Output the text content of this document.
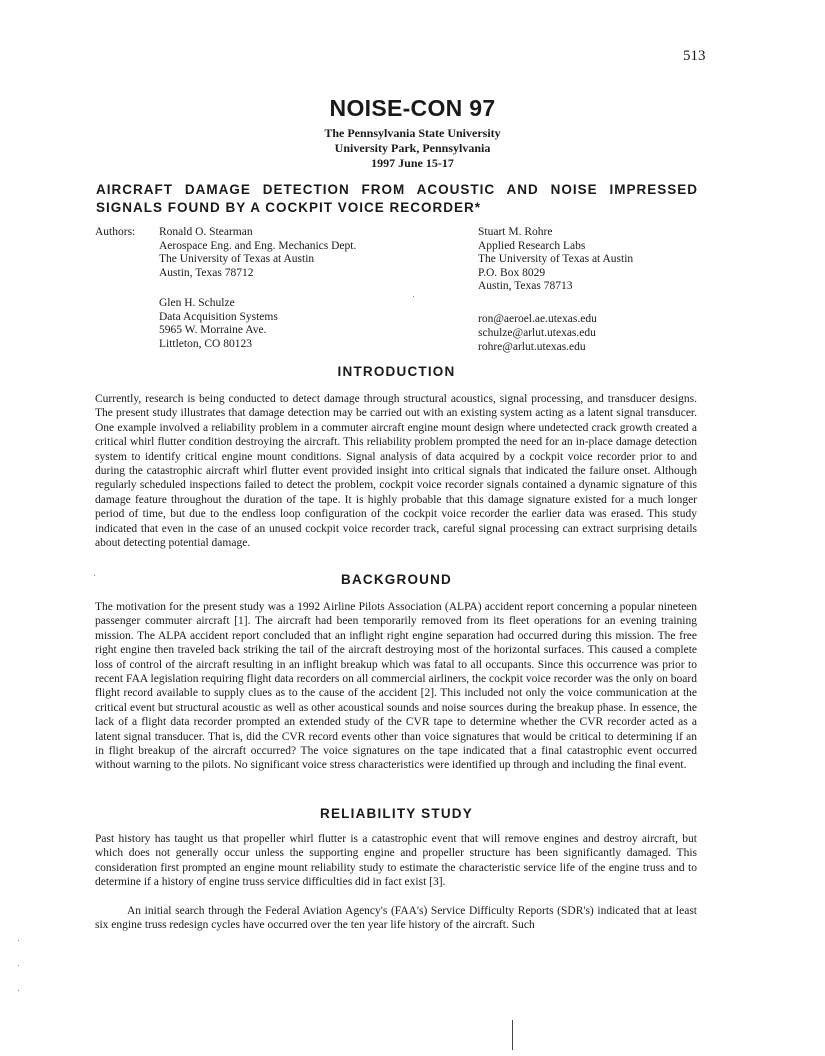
513
NOISE-CON 97
The Pennsylvania State University
University Park, Pennsylvania
1997 June 15-17
AIRCRAFT DAMAGE DETECTION FROM ACOUSTIC AND NOISE IMPRESSED SIGNALS FOUND BY A COCKPIT VOICE RECORDER*
Authors: Ronald O. Stearman
Aerospace Eng. and Eng. Mechanics Dept.
The University of Texas at Austin
Austin, Texas 78712
Stuart M. Rohre
Applied Research Labs
The University of Texas at Austin
P.O. Box 8029
Austin, Texas 78713
Glen H. Schulze
Data Acquisition Systems
5965 W. Morraine Ave.
Littleton, CO 80123
ron@aeroel.ae.utexas.edu
schulze@arlut.utexas.edu
rohre@arlut.utexas.edu
INTRODUCTION

Currently, research is being conducted to detect damage through structural acoustics, signal processing, and transducer designs. The present study illustrates that damage detection may be carried out with an existing system acting as a latent signal transducer. One example involved a reliability problem in a commuter aircraft engine mount design where undetected crack growth created a critical whirl flutter condition destroying the aircraft. This reliability problem prompted the need for an in-place damage detection system to identify critical engine mount conditions. Signal analysis of data acquired by a cockpit voice recorder prior to and during the catastrophic aircraft whirl flutter event provided insight into critical signals that indicated the failure onset. Although regularly scheduled inspections failed to detect the problem, cockpit voice recorder signals contained a dynamic signature of this damage feature throughout the duration of the tape. It is highly probable that this damage signature existed for a much longer period of time, but due to the endless loop configuration of the cockpit voice recorder the earlier data was erased. This study indicated that even in the case of an unused cockpit voice recorder track, careful signal processing can extract surprising details about detecting potential damage.

BACKGROUND

The motivation for the present study was a 1992 Airline Pilots Association (ALPA) accident report concerning a popular nineteen passenger commuter aircraft [1]. The aircraft had been temporarily removed from its fleet operations for an evening training mission. The ALPA accident report concluded that an inflight right engine separation had occurred during this mission. The free right engine then traveled back striking the tail of the aircraft destroying most of the horizontal surfaces. This caused a complete loss of control of the aircraft resulting in an inflight breakup which was fatal to all occupants. Since this occurrence was prior to recent FAA legislation requiring flight data recorders on all commercial airliners, the cockpit voice recorder was the only on board flight record available to supply clues as to the cause of the accident [2]. This included not only the voice communication at the critical event but structural acoustic as well as other acoustical sounds and noise sources during the breakup phase. In essence, the lack of a flight data recorder prompted an extended study of the CVR tape to determine whether the CVR recorder acted as a latent signal transducer. That is, did the CVR record events other than voice signatures that would be critical to determining if an in flight breakup of the aircraft occurred? The voice signatures on the tape indicated that a final catastrophic event occurred without warning to the pilots. No significant voice stress characteristics were identified up through and including the final event.

RELIABILITY STUDY

Past history has taught us that propeller whirl flutter is a catastrophic event that will remove engines and destroy aircraft, but which does not generally occur unless the supporting engine and propeller structure has been significantly damaged. This consideration first prompted an engine mount reliability study to estimate the characteristic service life of the engine truss and to determine if a history of engine truss service difficulties did in fact exist [3].

An initial search through the Federal Aviation Agency's (FAA's) Service Difficulty Reports (SDR's) indicated that at least six engine truss redesign cycles have occurred over the ten year life history of the aircraft. Such
